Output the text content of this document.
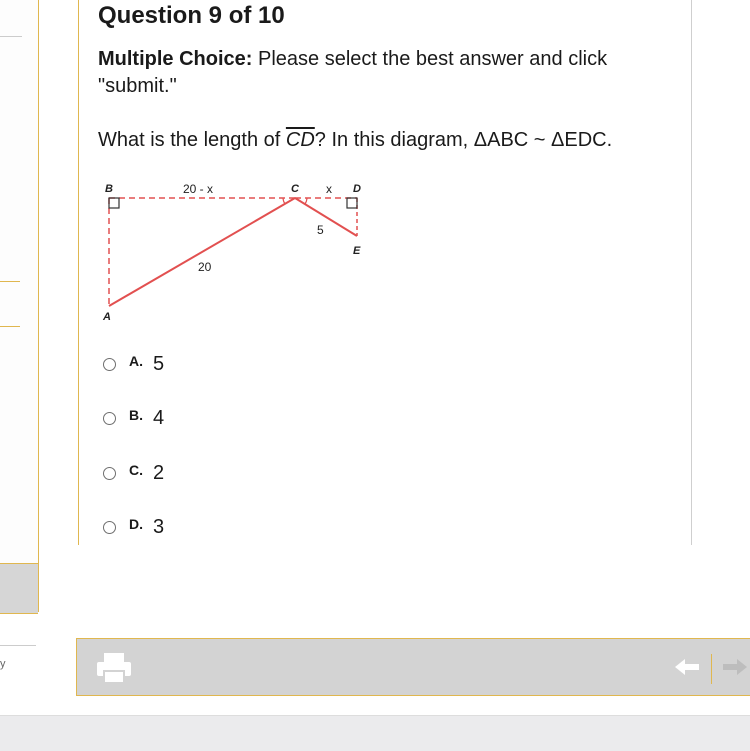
y
Question 9 of 10
Multiple Choice: Please select the best answer and click "submit."
What is the length of $\overline{CD}$? In this diagram, ΔABC ~ ΔEDC.
B	C	D
A
E
20 - x	x
5
20
A. 5
B. 4
C. 2
D. 3
